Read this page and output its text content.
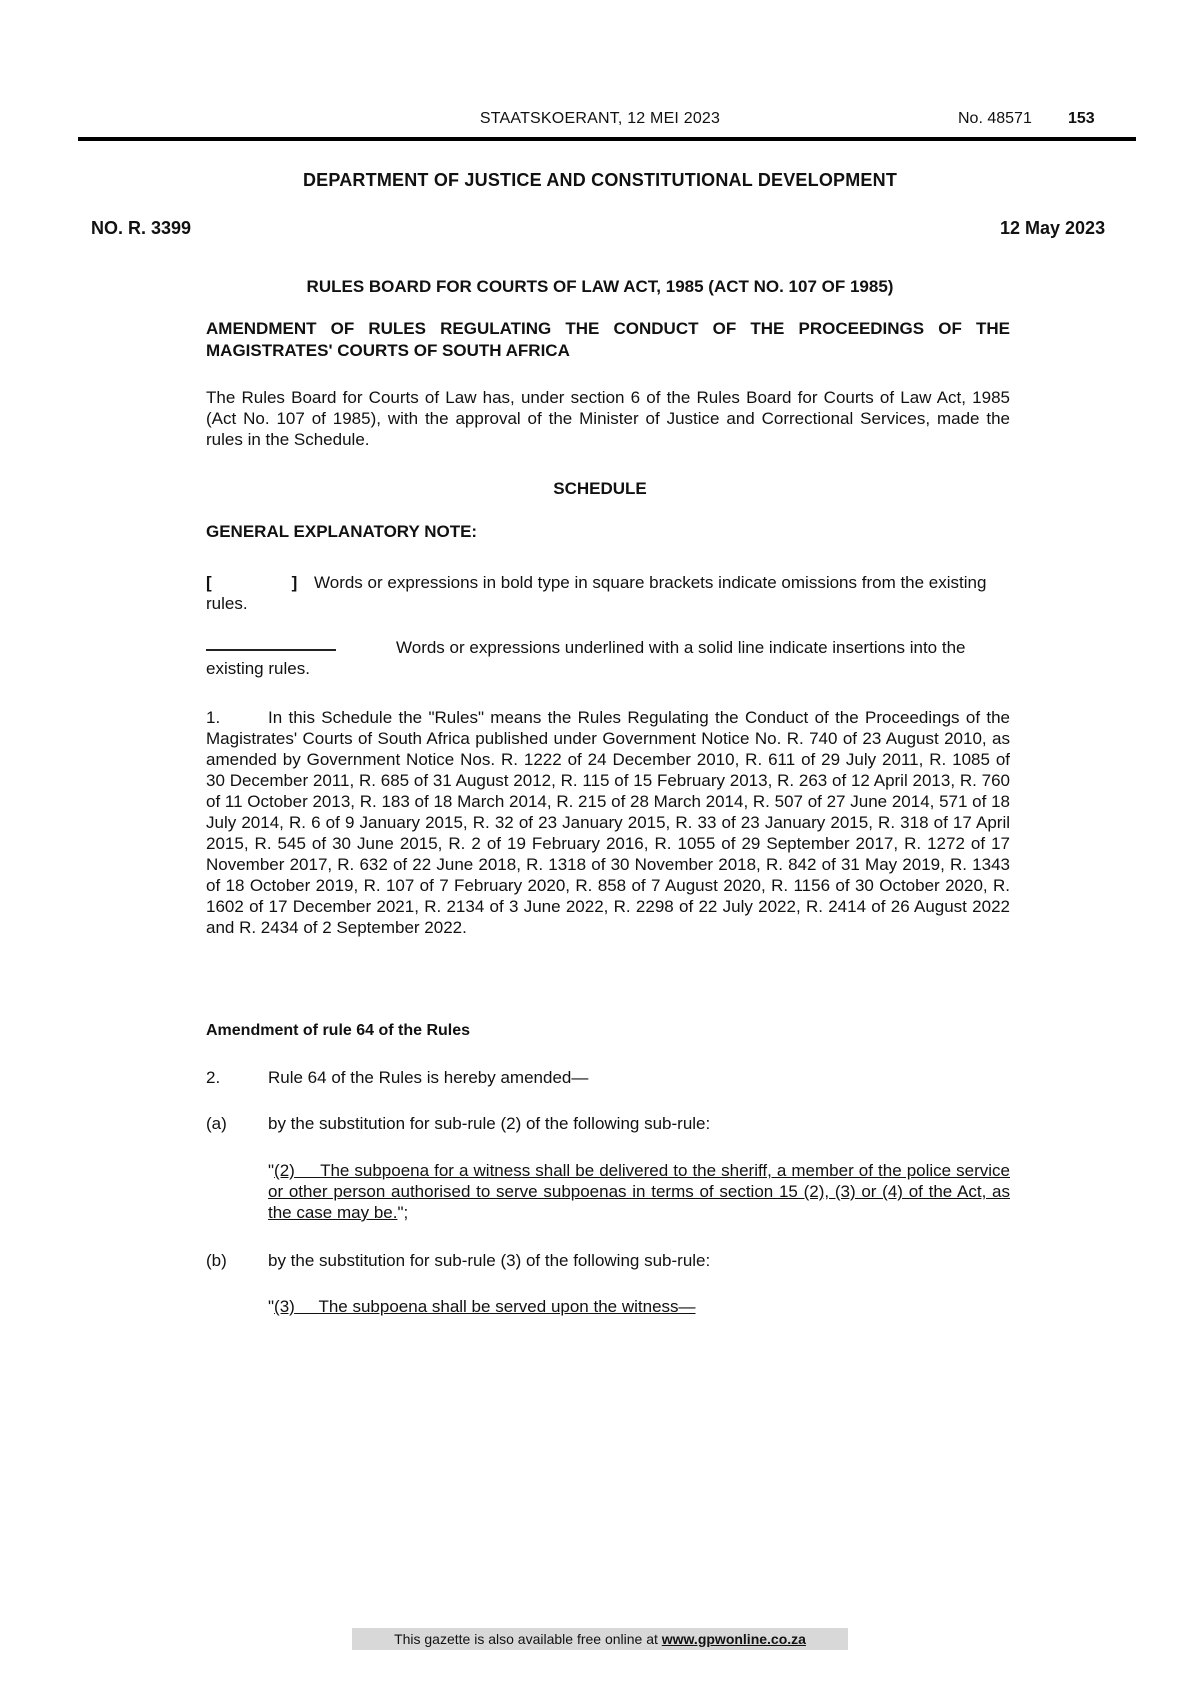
STAATSKOERANT, 12 MEI 2023	No. 48571 153
DEPARTMENT OF JUSTICE AND CONSTITUTIONAL DEVELOPMENT
NO. R. 3399	12 May 2023
RULES BOARD FOR COURTS OF LAW ACT, 1985 (ACT NO. 107 OF 1985)
AMENDMENT OF RULES REGULATING THE CONDUCT OF THE PROCEEDINGS OF THE MAGISTRATES' COURTS OF SOUTH AFRICA
The Rules Board for Courts of Law has, under section 6 of the Rules Board for Courts of Law Act, 1985 (Act No. 107 of 1985), with the approval of the Minister of Justice and Correctional Services, made the rules in the Schedule.
SCHEDULE
GENERAL EXPLANATORY NOTE:
[	] Words or expressions in bold type in square brackets indicate omissions from the existing rules.
Words or expressions underlined with a solid line indicate insertions into the existing rules.
1.	In this Schedule the "Rules" means the Rules Regulating the Conduct of the Proceedings of the Magistrates' Courts of South Africa published under Government Notice No. R. 740 of 23 August 2010, as amended by Government Notice Nos. R. 1222 of 24 December 2010, R. 611 of 29 July 2011, R. 1085 of 30 December 2011, R. 685 of 31 August 2012, R. 115 of 15 February 2013, R. 263 of 12 April 2013, R. 760 of 11 October 2013, R. 183 of 18 March 2014, R. 215 of 28 March 2014, R. 507 of 27 June 2014, 571 of 18 July 2014, R. 6 of 9 January 2015, R. 32 of 23 January 2015, R. 33 of 23 January 2015, R. 318 of 17 April 2015, R. 545 of 30 June 2015, R. 2 of 19 February 2016, R. 1055 of 29 September 2017, R. 1272 of 17 November 2017, R. 632 of 22 June 2018, R. 1318 of 30 November 2018, R. 842 of 31 May 2019, R. 1343 of 18 October 2019, R. 107 of 7 February 2020, R. 858 of 7 August 2020, R. 1156 of 30 October 2020, R. 1602 of 17 December 2021, R. 2134 of 3 June 2022, R. 2298 of 22 July 2022, R. 2414 of 26 August 2022 and R. 2434 of 2 September 2022.
Amendment of rule 64 of the Rules
2.	Rule 64 of the Rules is hereby amended—
(a) by the substitution for sub-rule (2) of the following sub-rule:
"(2) The subpoena for a witness shall be delivered to the sheriff, a member of the police service or other person authorised to serve subpoenas in terms of section 15 (2), (3) or (4) of the Act, as the case may be.";
(b) by the substitution for sub-rule (3) of the following sub-rule:
"(3) The subpoena shall be served upon the witness—
This gazette is also available free online at www.gpwonline.co.za
